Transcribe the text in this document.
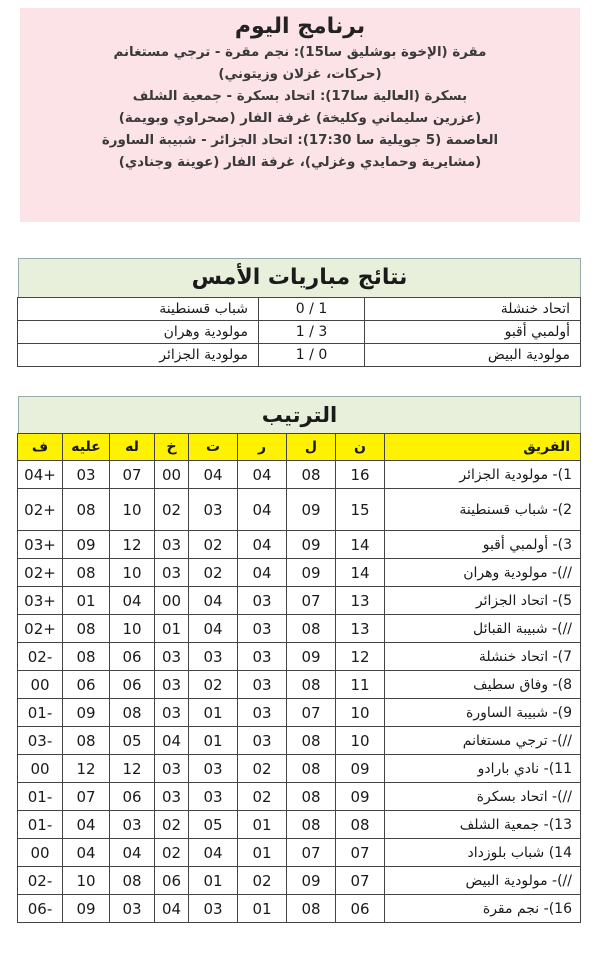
برنامج اليوم
مقرة (الإخوة بوشليق سا15): نجم مقرة - ترجي مستغانم
(حركات، غزلان وزيتوني)
بسكرة (العالية سا17): اتحاد بسكرة - جمعية الشلف
(عزرين سليماني وكليخة) غرفة الفار (صحراوي وبويمة)
العاصمة (5 جويلية سا 17:30): اتحاد الجزائر - شبيبة الساورة
(مشايرية وحمايدي وغزلي)، غرفة الفار (عوينة وجنادي)
نتائج مباريات الأمس
اتحاد خنشلة	1 / 0	شباب قسنطينة
أولمبي أقبو	3 / 1	مولودية وهران
مولودية البيض	0 / 1	مولودية الجزائر
الترتيب
الفريق	ن	ل	ر	ت	خ	له	عليه	ف
1)- مولودية الجزائر	16	08	04	04	00	07	03	+04
2)- شباب قسنطينة	15	09	04	03	02	10	08	+02
3)- أولمبي أقبو	14	09	04	02	03	12	09	+03
//)- مولودية وهران	14	09	04	02	03	10	08	+02
5)- اتحاد الجزائر	13	07	03	04	00	04	01	+03
//)- شبيبة القبائل	13	08	03	04	01	10	08	+02
7)- اتحاد خنشلة	12	09	03	03	03	06	08	-02
8)- وفاق سطيف	11	08	03	02	03	06	06	00
9)- شبيبة الساورة	10	07	03	01	03	08	09	-01
//)- ترجي مستغانم	10	08	03	01	04	05	08	-03
11)- نادي بارادو	09	08	02	03	03	12	12	00
//)- اتحاد بسكرة	09	08	02	03	03	06	07	-01
13)- جمعية الشلف	08	08	01	05	02	03	04	-01
14) شباب بلوزداد	07	07	01	04	02	04	04	00
//)- مولودية البيض	07	09	02	01	06	08	10	-02
16)- نجم مقرة	06	08	01	03	04	03	09	-06
